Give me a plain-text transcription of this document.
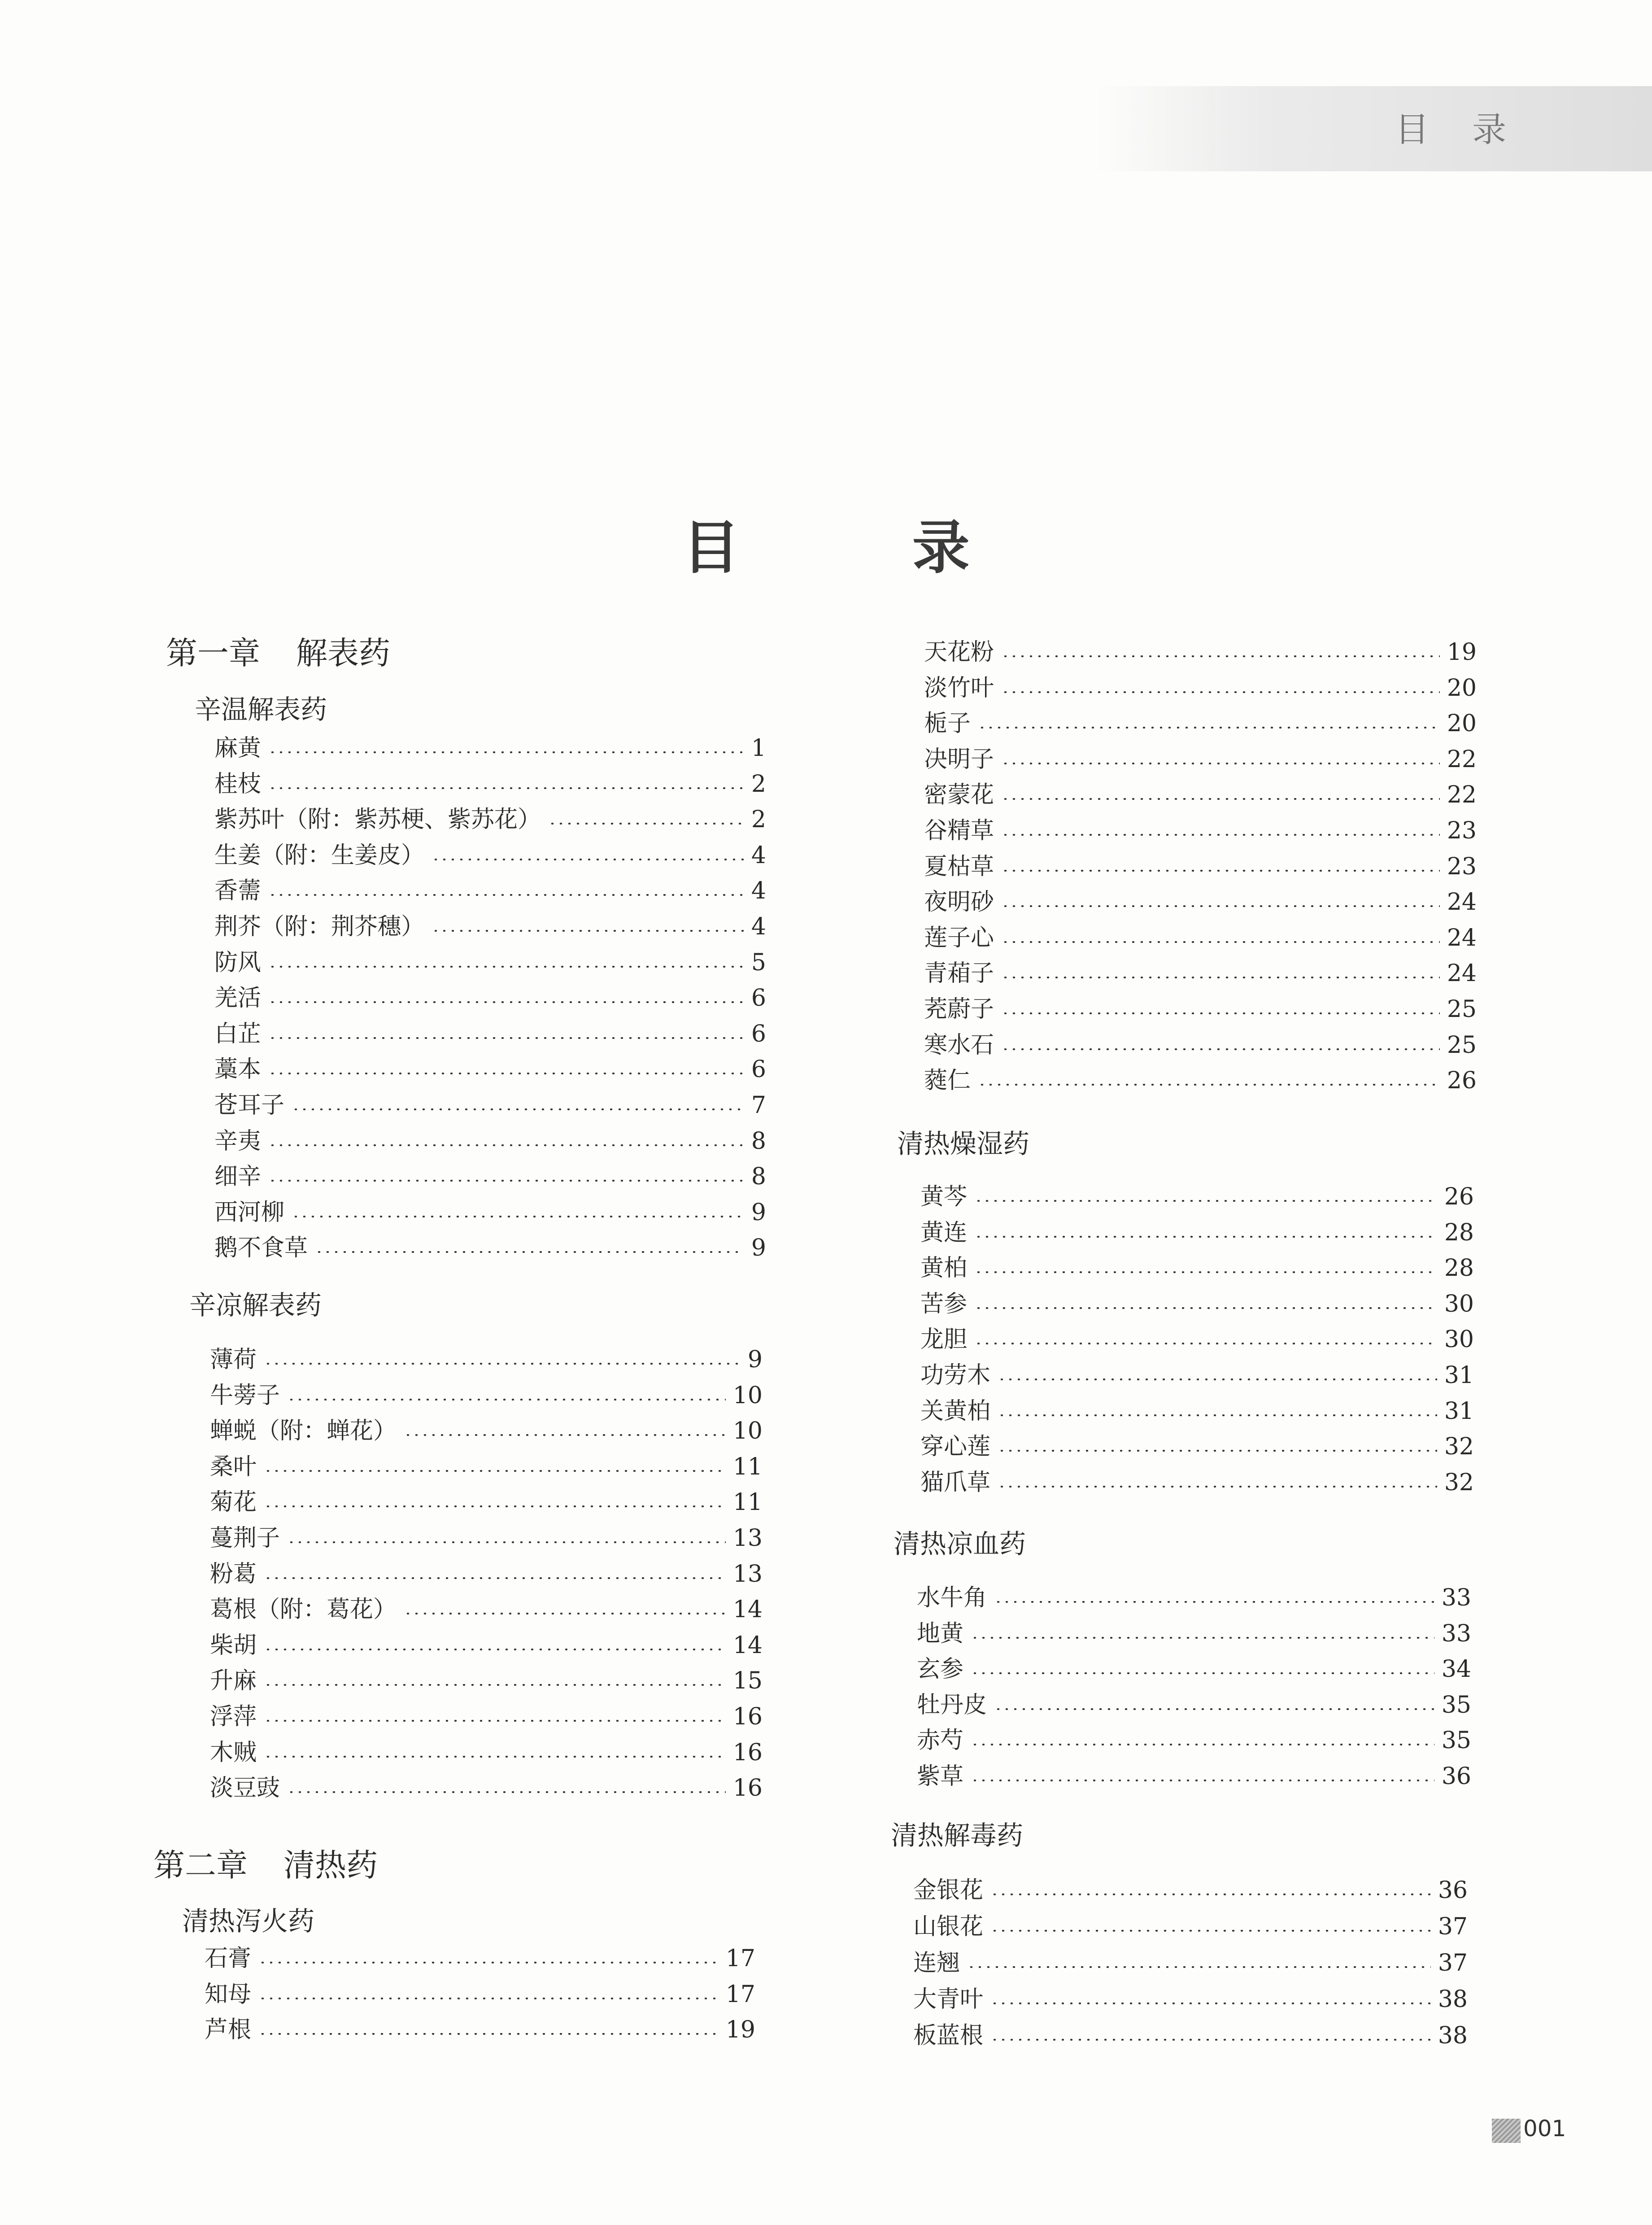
目 录
目 录
第一章 解表药
辛温解表药
麻黄	1
桂枝	2
紫苏叶（附：紫苏梗、紫苏花）	2
生姜（附：生姜皮）	4
香薷	4
荆芥（附：荆芥穗）	4
防风	5
羌活	6
白芷	6
藁本	6
苍耳子	7
辛夷	8
细辛	8
西河柳	9
鹅不食草	9
辛凉解表药
薄荷	9
牛蒡子	10
蝉蜕（附：蝉花）	10
桑叶	11
菊花	11
蔓荆子	13
粉葛	13
葛根（附：葛花）	14
柴胡	14
升麻	15
浮萍	16
木贼	16
淡豆豉	16
第二章 清热药
清热泻火药
石膏	17
知母	17
芦根	19
天花粉	19
淡竹叶	20
栀子	20
决明子	22
密蒙花	22
谷精草	23
夏枯草	23
夜明砂	24
莲子心	24
青葙子	24
茺蔚子	25
寒水石	25
蕤仁	26
清热燥湿药
黄芩	26
黄连	28
黄柏	28
苦参	30
龙胆	30
功劳木	31
关黄柏	31
穿心莲	32
猫爪草	32
清热凉血药
水牛角	33
地黄	33
玄参	34
牡丹皮	35
赤芍	35
紫草	36
清热解毒药
金银花	36
山银花	37
连翘	37
大青叶	38
板蓝根	38
001
